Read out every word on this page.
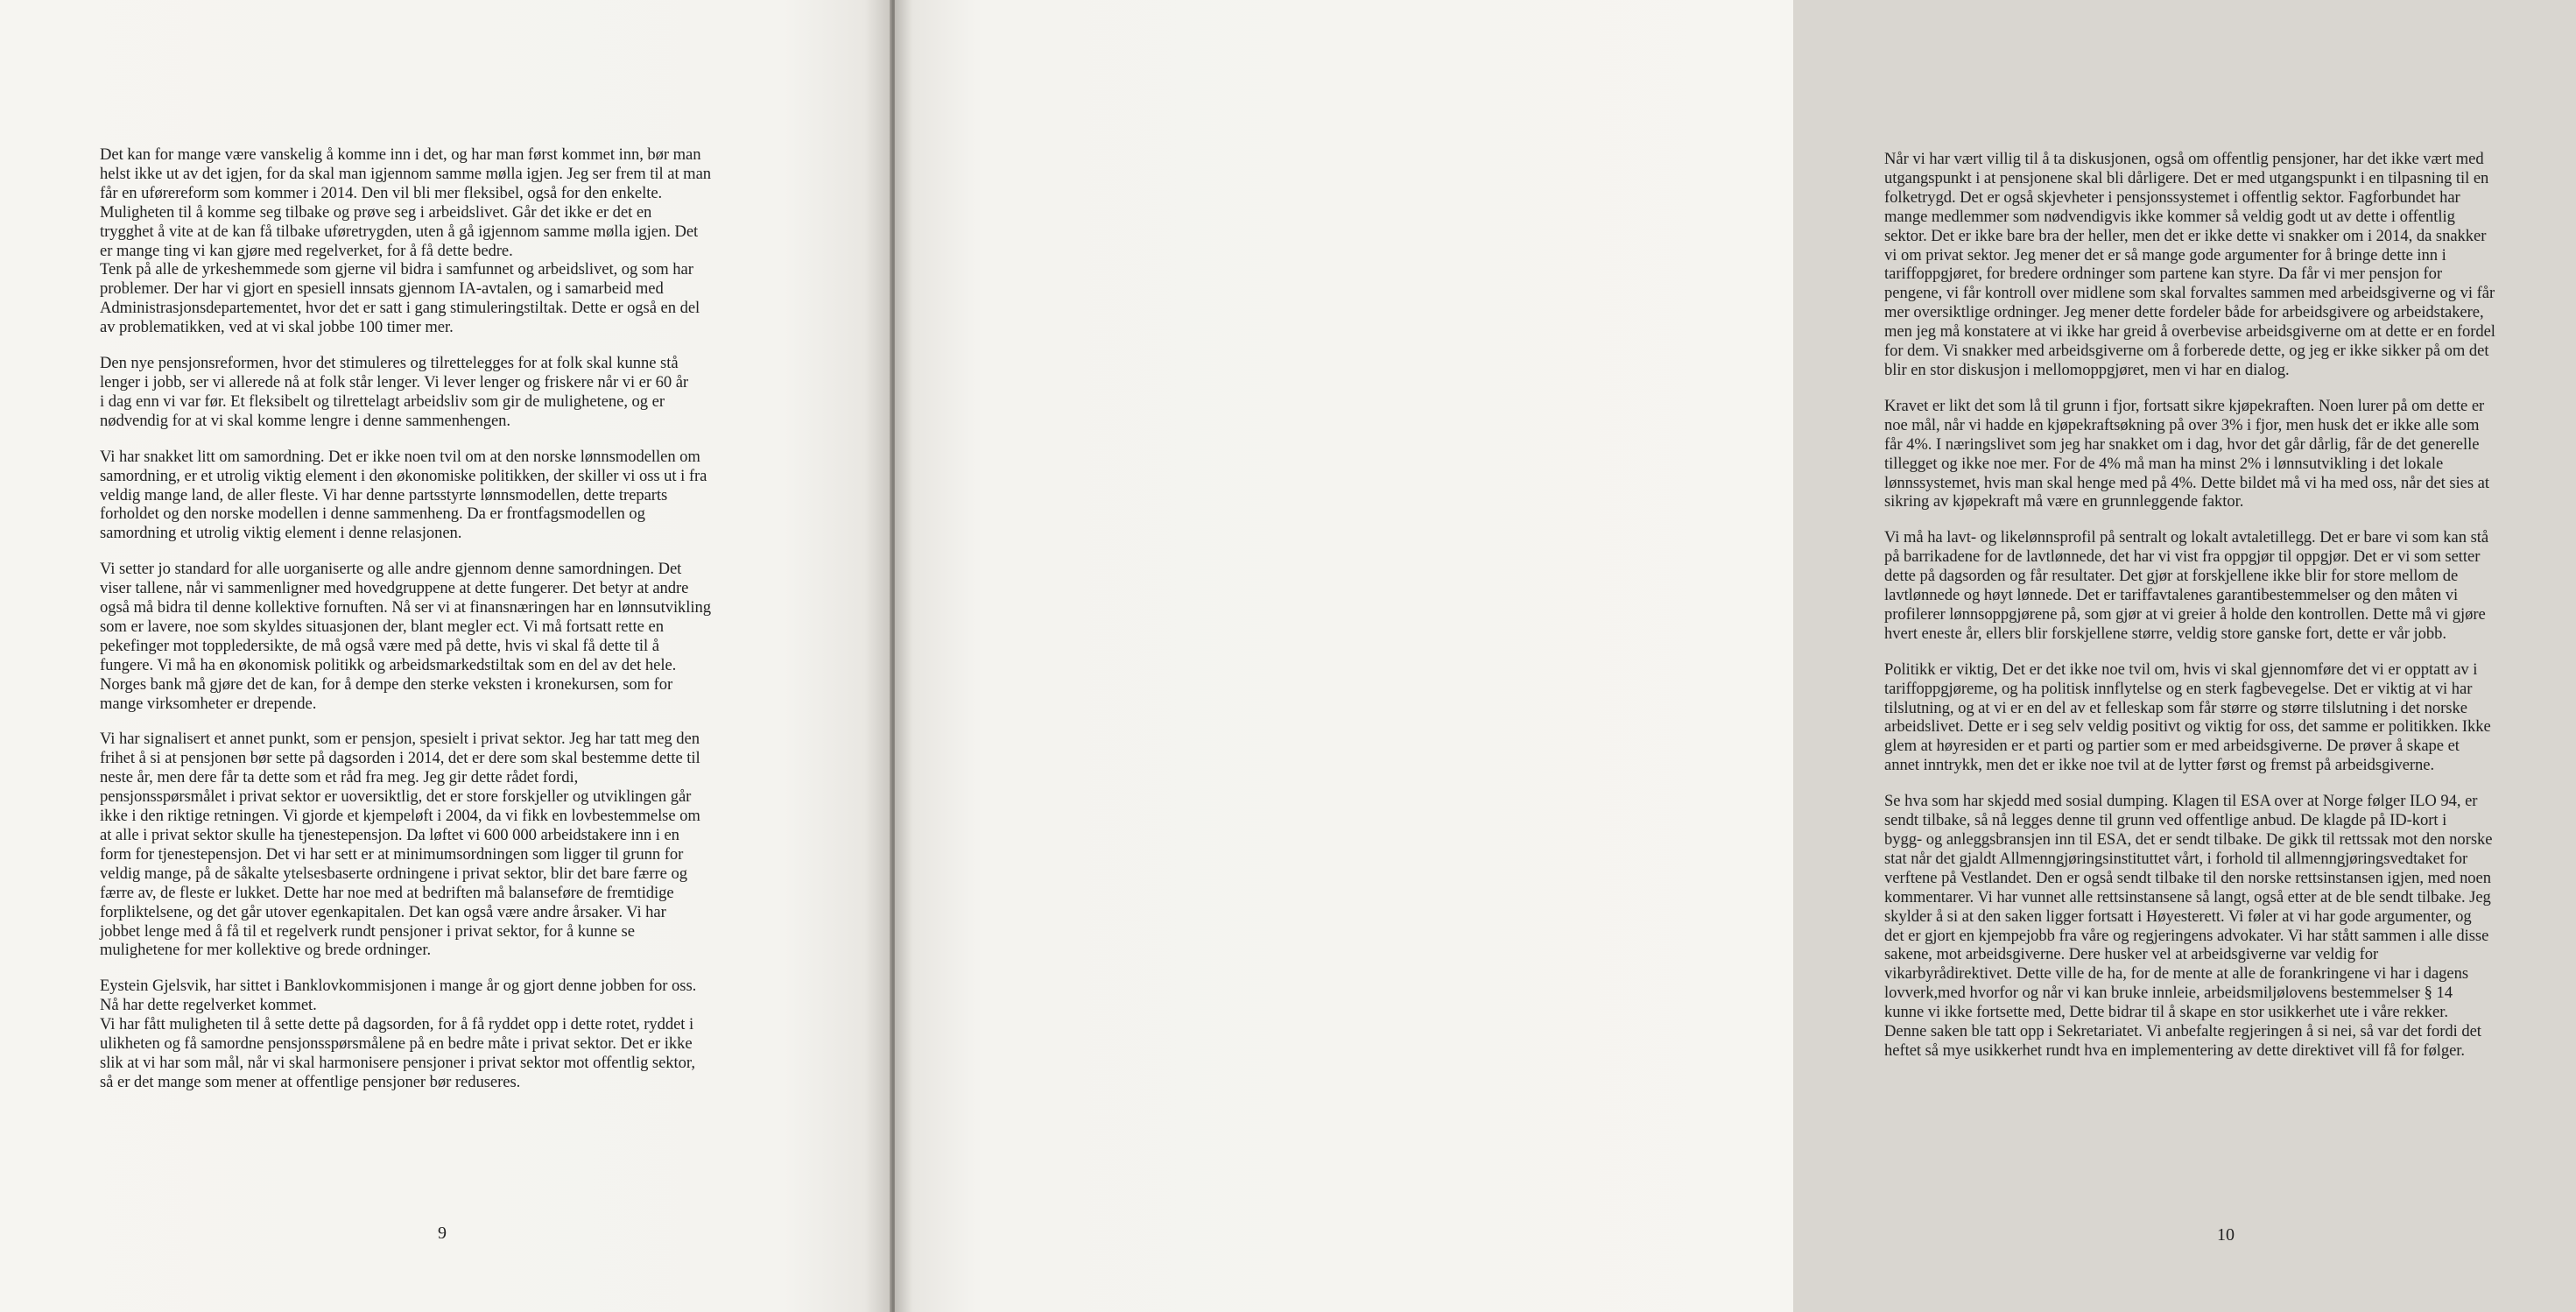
Det kan for mange være vanskelig å komme inn i det, og har man først kommet inn, bør man
helst ikke ut av det igjen, for da skal man igjennom samme mølla igjen. Jeg ser frem til at man
får en uførereform som kommer i 2014. Den vil bli mer fleksibel, også for den enkelte.
Muligheten til å komme seg tilbake og prøve seg i arbeidslivet. Går det ikke er det en
trygghet å vite at de kan få tilbake uføretrygden, uten å gå igjennom samme mølla igjen. Det
er mange ting vi kan gjøre med regelverket, for å få dette bedre.
Tenk på alle de yrkeshemmede som gjerne vil bidra i samfunnet og arbeidslivet, og som har
problemer. Der har vi gjort en spesiell innsats gjennom IA-avtalen, og i samarbeid med
Administrasjonsdepartementet, hvor det er satt i gang stimuleringstiltak. Dette er også en del
av problematikken, ved at vi skal jobbe 100 timer mer.
Den nye pensjonsreformen, hvor det stimuleres og tilrettelegges for at folk skal kunne stå
lenger i jobb, ser vi allerede nå at folk står lenger. Vi lever lenger og friskere når vi er 60 år
i dag enn vi var før. Et fleksibelt og tilrettelagt arbeidsliv som gir de mulighetene, og er
nødvendig for at vi skal komme lengre i denne sammenhengen.
Vi har snakket litt om samordning. Det er ikke noen tvil om at den norske lønnsmodellen om
samordning, er et utrolig viktig element i den økonomiske politikken, der skiller vi oss ut i fra
veldig mange land, de aller fleste. Vi har denne partsstyrte lønnsmodellen, dette treparts
forholdet og den norske modellen i denne sammenheng. Da er frontfagsmodellen og
samordning et utrolig viktig element i denne relasjonen.
Vi setter jo standard for alle uorganiserte og alle andre gjennom denne samordningen. Det
viser tallene, når vi sammenligner med hovedgruppene at dette fungerer. Det betyr at andre
også må bidra til denne kollektive fornuften. Nå ser vi at finansnæringen har en lønnsutvikling
som er lavere, noe som skyldes situasjonen der, blant megler ect. Vi må fortsatt rette en
pekefinger mot toppledersikte, de må også være med på dette, hvis vi skal få dette til å
fungere. Vi må ha en økonomisk politikk og arbeidsmarkedstiltak som en del av det hele.
Norges bank må gjøre det de kan, for å dempe den sterke veksten i kronekursen, som for
mange virksomheter er drepende.
Vi har signalisert et annet punkt, som er pensjon, spesielt i privat sektor. Jeg har tatt meg den
frihet å si at pensjonen bør sette på dagsorden i 2014, det er dere som skal bestemme dette til
neste år, men dere får ta dette som et råd fra meg. Jeg gir dette rådet fordi,
pensjonsspørsmålet i privat sektor er uoversiktlig, det er store forskjeller og utviklingen går
ikke i den riktige retningen. Vi gjorde et kjempeløft i 2004, da vi fikk en lovbestemmelse om
at alle i privat sektor skulle ha tjenestepensjon. Da løftet vi 600 000 arbeidstakere inn i en
form for tjenestepensjon. Det vi har sett er at minimumsordningen som ligger til grunn for
veldig mange, på de såkalte ytelsesbaserte ordningene i privat sektor, blir det bare færre og
færre av, de fleste er lukket. Dette har noe med at bedriften må balanseføre de fremtidige
forpliktelsene, og det går utover egenkapitalen. Det kan også være andre årsaker. Vi har
jobbet lenge med å få til et regelverk rundt pensjoner i privat sektor, for å kunne se
mulighetene for mer kollektive og brede ordninger.
Eystein Gjelsvik, har sittet i Banklovkommisjonen i mange år og gjort denne jobben for oss.
Nå har dette regelverket kommet.
Vi har fått muligheten til å sette dette på dagsorden, for å få ryddet opp i dette rotet, ryddet i
ulikheten og få samordne pensjonsspørsmålene på en bedre måte i privat sektor. Det er ikke
slik at vi har som mål, når vi skal harmonisere pensjoner i privat sektor mot offentlig sektor,
så er det mange som mener at offentlige pensjoner bør reduseres.
9
Når vi har vært villig til å ta diskusjonen, også om offentlig pensjoner, har det ikke vært med
utgangspunkt i at pensjonene skal bli dårligere. Det er med utgangspunkt i en tilpasning til en
folketrygd. Det er også skjevheter i pensjonssystemet i offentlig sektor. Fagforbundet har
mange medlemmer som nødvendigvis ikke kommer så veldig godt ut av dette i offentlig
sektor. Det er ikke bare bra der heller, men det er ikke dette vi snakker om i 2014, da snakker
vi om privat sektor. Jeg mener det er så mange gode argumenter for å bringe dette inn i
tariffoppgjøret, for bredere ordninger som partene kan styre. Da får vi mer pensjon for
pengene, vi får kontroll over midlene som skal forvaltes sammen med arbeidsgiverne og vi får
mer oversiktlige ordninger. Jeg mener dette fordeler både for arbeidsgivere og arbeidstakere,
men jeg må konstatere at vi ikke har greid å overbevise arbeidsgiverne om at dette er en fordel
for dem. Vi snakker med arbeidsgiverne om å forberede dette, og jeg er ikke sikker på om det
blir en stor diskusjon i mellomoppgjøret, men vi har en dialog.
Kravet er likt det som lå til grunn i fjor, fortsatt sikre kjøpekraften. Noen lurer på om dette er
noe mål, når vi hadde en kjøpekraftsøkning på over 3% i fjor, men husk det er ikke alle som
får 4%. I næringslivet som jeg har snakket om i dag, hvor det går dårlig, får de det generelle
tillegget og ikke noe mer. For de 4% må man ha minst 2% i lønnsutvikling i det lokale
lønnssystemet, hvis man skal henge med på 4%. Dette bildet må vi ha med oss, når det sies at
sikring av kjøpekraft må være en grunnleggende faktor.
Vi må ha lavt- og likelønnsprofil på sentralt og lokalt avtaletillegg. Det er bare vi som kan stå
på barrikadene for de lavtlønnede, det har vi vist fra oppgjør til oppgjør. Det er vi som setter
dette på dagsorden og får resultater. Det gjør at forskjellene ikke blir for store mellom de
lavtlønnede og høyt lønnede. Det er tariffavtalenes garantibestemmelser og den måten vi
profilerer lønnsoppgjørene på, som gjør at vi greier å holde den kontrollen. Dette må vi gjøre
hvert eneste år, ellers blir forskjellene større, veldig store ganske fort, dette er vår jobb.
Politikk er viktig, Det er det ikke noe tvil om, hvis vi skal gjennomføre det vi er opptatt av i
tariffoppgjøreme, og ha politisk innflytelse og en sterk fagbevegelse. Det er viktig at vi har
tilslutning, og at vi er en del av et felleskap som får større og større tilslutning i det norske
arbeidslivet. Dette er i seg selv veldig positivt og viktig for oss, det samme er politikken. Ikke
glem at høyresiden er et parti og partier som er med arbeidsgiverne. De prøver å skape et
annet inntrykk, men det er ikke noe tvil at de lytter først og fremst på arbeidsgiverne.
Se hva som har skjedd med sosial dumping. Klagen til ESA over at Norge følger ILO 94, er
sendt tilbake, så nå legges denne til grunn ved offentlige anbud. De klagde på ID-kort i
bygg- og anleggsbransjen inn til ESA, det er sendt tilbake. De gikk til rettssak mot den norske
stat når det gjaldt Allmenngjøringsinstituttet vårt, i forhold til allmenngjøringsvedtaket for
verftene på Vestlandet. Den er også sendt tilbake til den norske rettsinstansen igjen, med noen
kommentarer. Vi har vunnet alle rettsinstansene så langt, også etter at de ble sendt tilbake. Jeg
skylder å si at den saken ligger fortsatt i Høyesterett. Vi føler at vi har gode argumenter, og
det er gjort en kjempejobb fra våre og regjeringens advokater. Vi har stått sammen i alle disse
sakene, mot arbeidsgiverne. Dere husker vel at arbeidsgiverne var veldig for
vikarbyrådirektivet. Dette ville de ha, for de mente at alle de forankringene vi har i dagens
lovverk,med hvorfor og når vi kan bruke innleie, arbeidsmiljølovens bestemmelser § 14
kunne vi ikke fortsette med, Dette bidrar til å skape en stor usikkerhet ute i våre rekker.
Denne saken ble tatt opp i Sekretariatet. Vi anbefalte regjeringen å si nei, så var det fordi det
heftet så mye usikkerhet rundt hva en implementering av dette direktivet vill få for følger.
10
